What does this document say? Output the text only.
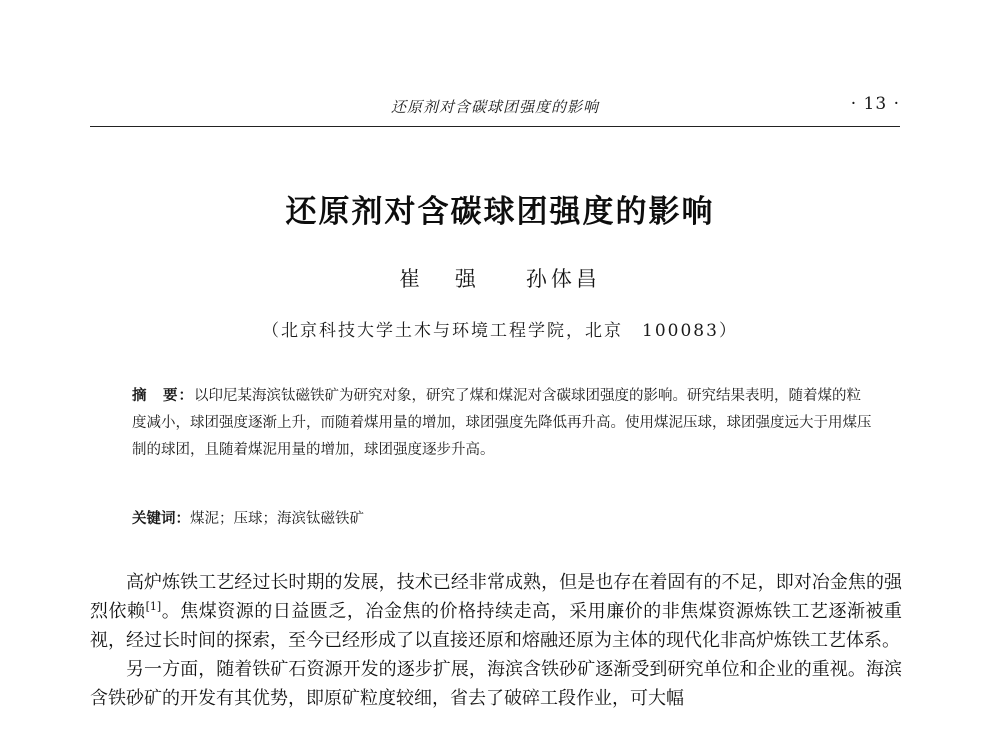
还原剂对含碳球团强度的影响	· 13 ·
还原剂对含碳球团强度的影响
崔 强 孙体昌
（北京科技大学土木与环境工程学院，北京　100083）
摘　要：以印尼某海滨钛磁铁矿为研究对象，研究了煤和煤泥对含碳球团强度的影响。研究结果表明，随着煤的粒度减小，球团强度逐渐上升，而随着煤用量的增加，球团强度先降低再升高。使用煤泥压球，球团强度远大于用煤压制的球团，且随着煤泥用量的增加，球团强度逐步升高。
关键词：煤泥；压球；海滨钛磁铁矿

高炉炼铁工艺经过长时期的发展，技术已经非常成熟，但是也存在着固有的不足，即对冶金焦的强烈依赖[1]。焦煤资源的日益匮乏，冶金焦的价格持续走高，采用廉价的非焦煤资源炼铁工艺逐渐被重视，经过长时间的探索，至今已经形成了以直接还原和熔融还原为主体的现代化非高炉炼铁工艺体系。

另一方面，随着铁矿石资源开发的逐步扩展，海滨含铁砂矿逐渐受到研究单位和企业的重视。海滨含铁砂矿的开发有其优势，即原矿粒度较细，省去了破碎工段作业，可大幅
